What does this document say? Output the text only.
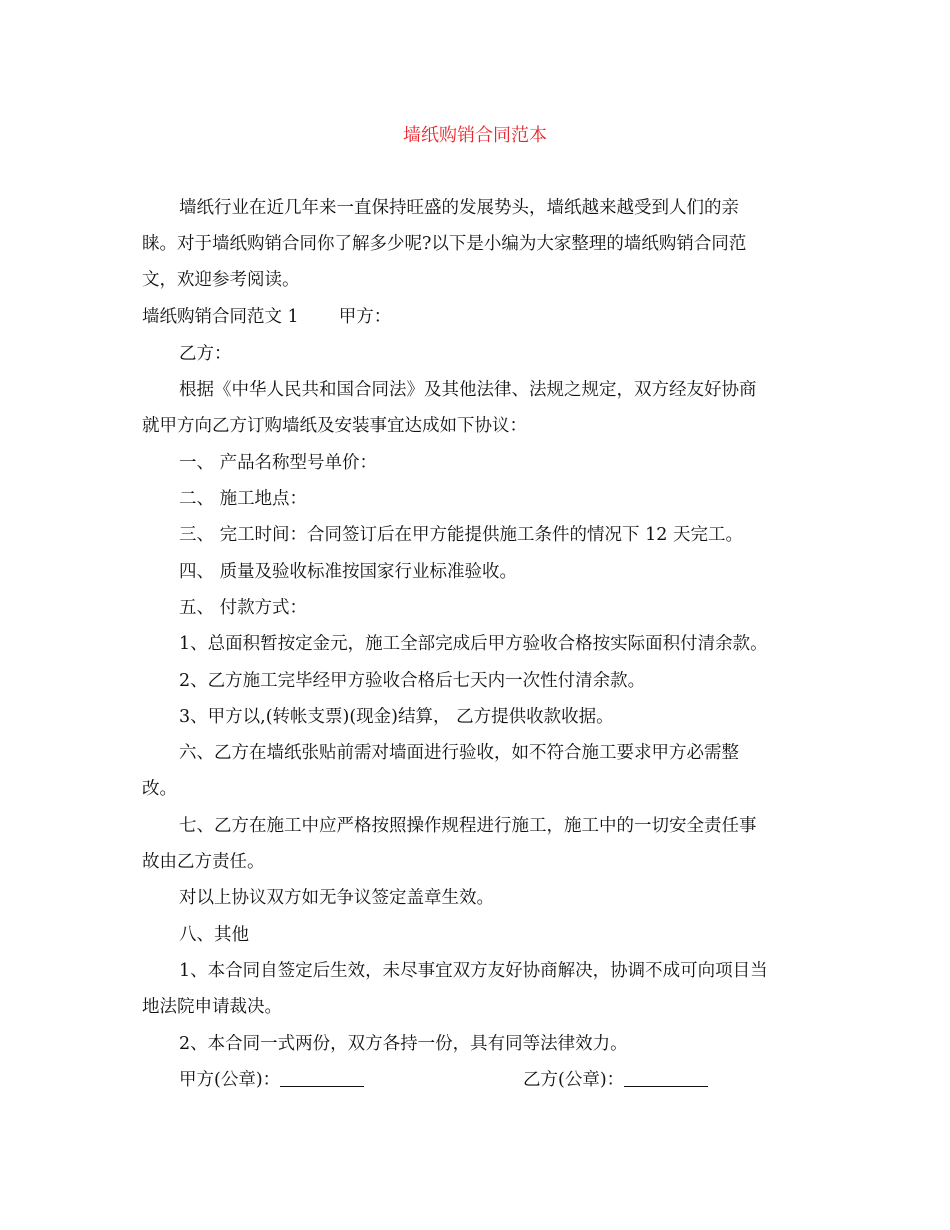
墙纸购销合同范本
墙纸行业在近几年来一直保持旺盛的发展势头，墙纸越来越受到人们的亲
睐。对于墙纸购销合同你了解多少呢?以下是小编为大家整理的墙纸购销合同范
文，欢迎参考阅读。
墙纸购销合同范文 1 甲方：
乙方：
根据《中华人民共和国合同法》及其他法律、法规之规定，双方经友好协商
就甲方向乙方订购墙纸及安装事宜达成如下协议：
一、 产品名称型号单价：
二、 施工地点：
三、 完工时间：合同签订后在甲方能提供施工条件的情况下 12 天完工。
四、 质量及验收标准按国家行业标准验收。
五、 付款方式：
1、总面积暂按定金元，施工全部完成后甲方验收合格按实际面积付清余款。
2、乙方施工完毕经甲方验收合格后七天内一次性付清余款。
3、甲方以,(转帐支票)(现金)结算， 乙方提供收款收据。
六、乙方在墙纸张贴前需对墙面进行验收，如不符合施工要求甲方必需整
改。
七、乙方在施工中应严格按照操作规程进行施工，施工中的一切安全责任事
故由乙方责任。
对以上协议双方如无争议签定盖章生效。
八、其他
1、本合同自签定后生效，未尽事宜双方友好协商解决，协调不成可向项目当
地法院申请裁决。
2、本合同一式两份，双方各持一份，具有同等法律效力。
甲方(公章)：	乙方(公章)：
